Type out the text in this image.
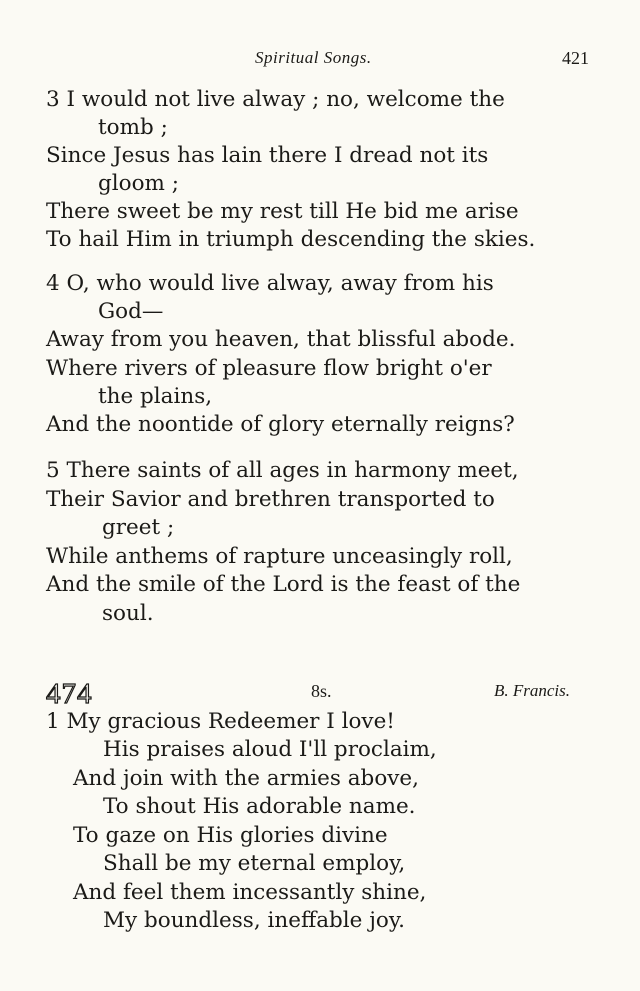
Spiritual Songs.	421
3 I would not live alway ; no, welcome the
tomb ;
Since Jesus has lain there I dread not its
gloom ;
There sweet be my rest till He bid me arise
To hail Him in triumph descending the skies.
4 O, who would live alway, away from his
God—
Away from you heaven, that blissful abode.
Where rivers of pleasure flow bright o'er
the plains,
And the noontide of glory eternally reigns?
5 There saints of all ages in harmony meet,
Their Savior and brethren transported to
greet ;
While anthems of rapture unceasingly roll,
And the smile of the Lord is the feast of the
soul.
474	8s.	B. Francis.
1 My gracious Redeemer I love!
His praises aloud I'll proclaim,
And join with the armies above,
To shout His adorable name.
To gaze on His glories divine
Shall be my eternal employ,
And feel them incessantly shine,
My boundless, ineffable joy.
